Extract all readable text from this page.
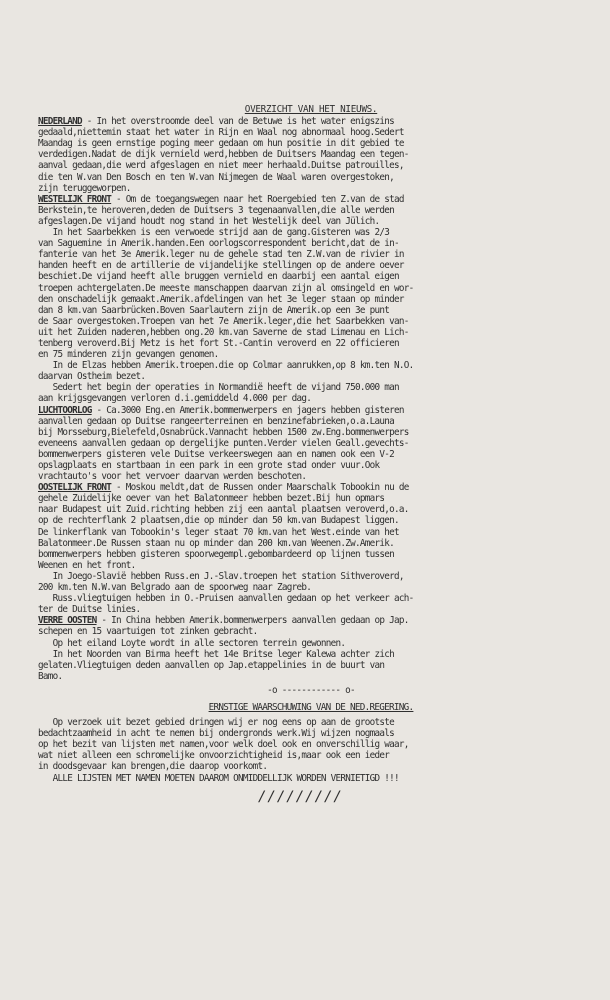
OVERZICHT VAN HET NIEUWS.
NEDERLAND - In het overstroomde deel van de Betuwe is het water enigszins
gedaald,niettemin staat het water in Rijn en Waal nog abnormaal hoog.Sedert
Maandag is geen ernstige poging meer gedaan om hun positie in dit gebied te
verdedigen.Nadat de dijk vernield werd,hebben de Duitsers Maandag een tegen-
aanval gedaan,die werd afgeslagen en niet meer herhaald.Duitse patrouilles,
die ten W.van Den Bosch en ten W.van Nijmegen de Waal waren overgestoken,
zijn teruggeworpen.
WESTELIJK FRONT - Om de toegangswegen naar het Roergebied ten Z.van de stad
Berkstein,te heroveren,deden de Duitsers 3 tegenaanvallen,die alle werden
afgeslagen.De vijand houdt nog stand in het Westelijk deel van Jülich.
In het Saarbekken is een verwoede strijd aan de gang.Gisteren was 2/3
van Saguemine in Amerik.handen.Een oorlogscorrespondent bericht,dat de in-
fanterie van het 3e Amerik.leger nu de gehele stad ten Z.W.van de rivier in
handen heeft en de artillerie de vijandelijke stellingen op de andere oever
beschiet.De vijand heeft alle bruggen vernield en daarbij een aantal eigen
troepen achtergelaten.De meeste manschappen daarvan zijn al omsingeld en wor-
den onschadelijk gemaakt.Amerik.afdelingen van het 3e leger staan op minder
dan 8 km.van Saarbrücken.Boven Saarlautern zijn de Amerik.op een 3e punt
de Saar overgestoken.Troepen van het 7e Amerik.leger,die het Saarbekken van-
uit het Zuiden naderen,hebben ong.20 km.van Saverne de stad Limenau en Lich-
tenberg veroverd.Bij Metz is het fort St.-Cantin veroverd en 22 officieren
en 75 minderen zijn gevangen genomen.
In de Elzas hebben Amerik.troepen.die op Colmar aanrukken,op 8 km.ten N.O.
daarvan Ostheim bezet.
Sedert het begin der operaties in Normandië heeft de vijand 750.000 man
aan krijgsgevangen verloren d.i.gemiddeld 4.000 per dag.
LUCHTOORLOG - Ca.3000 Eng.en Amerik.bommenwerpers en jagers hebben gisteren
aanvallen gedaan op Duitse rangeerterreinen en benzinefabrieken,o.a.Launa
bij Morsseburg,Bielefeld,Osnabrück.Vannacht hebben 1500 zw.Eng.bommenwerpers
eveneens aanvallen gedaan op dergelijke punten.Verder vielen Geall.gevechts-
bommenwerpers gisteren vele Duitse verkeerswegen aan en namen ook een V-2
opslagplaats en startbaan in een park in een grote stad onder vuur.Ook
vrachtauto's voor het vervoer daarvan werden beschoten.
OOSTELIJK FRONT - Moskou meldt,dat de Russen onder Maarschalk Tobookin nu de
gehele Zuidelijke oever van het Balatonmeer hebben bezet.Bij hun opmars
naar Budapest uit Zuid.richting hebben zij een aantal plaatsen veroverd,o.a.
op de rechterflank 2 plaatsen,die op minder dan 50 km.van Budapest liggen.
De linkerflank van Tobookin's leger staat 70 km.van het West.einde van het
Balatonmeer.De Russen staan nu op minder dan 200 km.van Weenen.Zw.Amerik.
bommenwerpers hebben gisteren spoorwegempl.gebombardeerd op lijnen tussen
Weenen en het front.
In Joego-Slavië hebben Russ.en J.-Slav.troepen het station Sithveroverd,
200 km.ten N.W.van Belgrado aan de spoorweg naar Zagreb.
Russ.vliegtuigen hebben in O.-Pruisen aanvallen gedaan op het verkeer ach-
ter de Duitse linies.
VERRE OOSTEN - In China hebben Amerik.bommenwerpers aanvallen gedaan op Jap.
schepen en 15 vaartuigen tot zinken gebracht.
Op het eiland Loyte wordt in alle sectoren terrein gewonnen.
In het Noorden van Birma heeft het 14e Britse leger Kalewa achter zich
gelaten.Vliegtuigen deden aanvallen op Jap.etappelinies in de buurt van
Bamo.
-o ------------ o-
ERNSTIGE WAARSCHUWING VAN DE NED.REGERING.
Op verzoek uit bezet gebied dringen wij er nog eens op aan de grootste
bedachtzaamheid in acht te nemen bij ondergronds werk.Wij wijzen nogmaals
op het bezit van lijsten met namen,voor welk doel ook en onverschillig waar,
wat niet alleen een schromelijke onvoorzichtigheid is,maar ook een ieder
in doodsgevaar kan brengen,die daarop voorkomt.
ALLE LIJSTEN MET NAMEN MOETEN DAAROM ONMIDDELLIJK WORDEN VERNIETIGD !!!
/////////
